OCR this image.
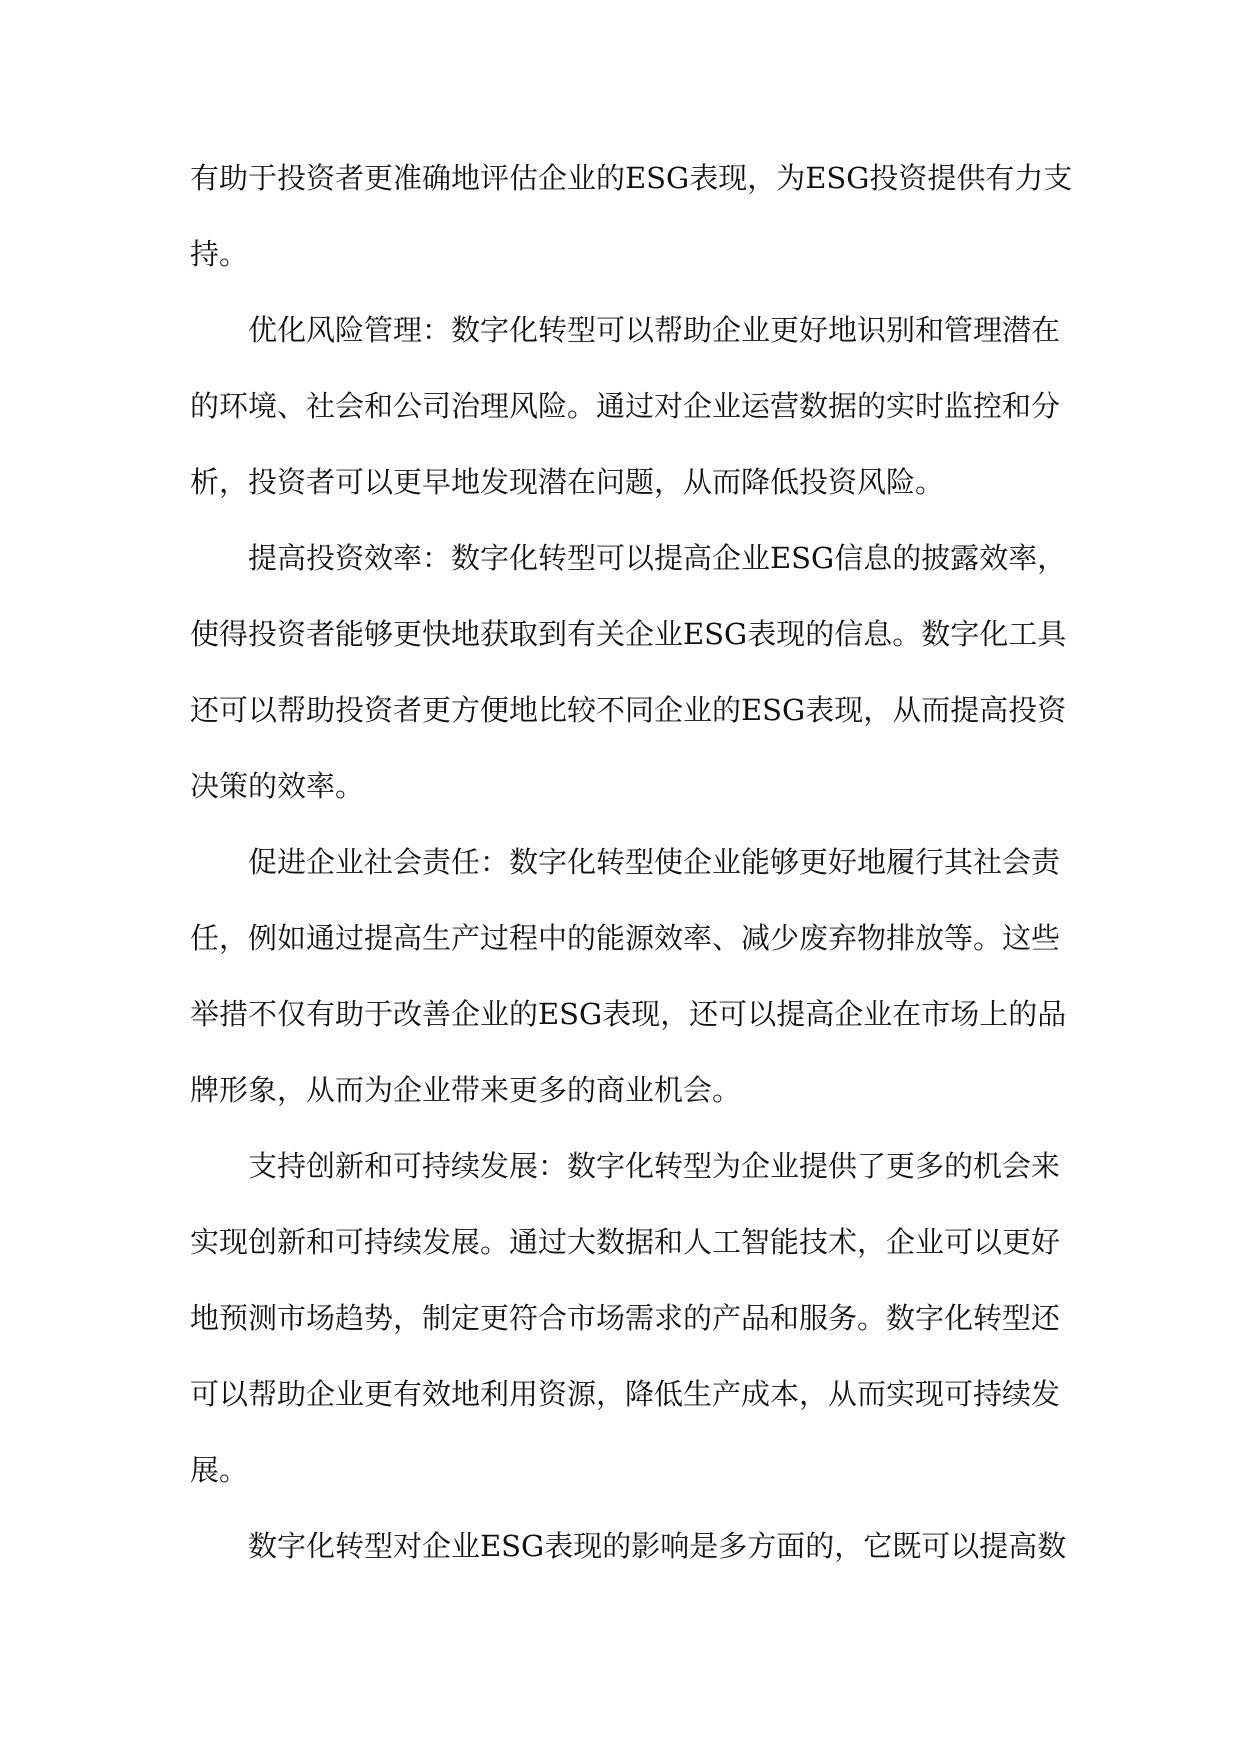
有助于投资者更准确地评估企业的ESG表现，为ESG投资提供有力支
持。
优化风险管理：数字化转型可以帮助企业更好地识别和管理潜在
的环境、社会和公司治理风险。通过对企业运营数据的实时监控和分
析，投资者可以更早地发现潜在问题，从而降低投资风险。
提高投资效率：数字化转型可以提高企业ESG信息的披露效率，
使得投资者能够更快地获取到有关企业ESG表现的信息。数字化工具
还可以帮助投资者更方便地比较不同企业的ESG表现，从而提高投资
决策的效率。
促进企业社会责任：数字化转型使企业能够更好地履行其社会责
任，例如通过提高生产过程中的能源效率、减少废弃物排放等。这些
举措不仅有助于改善企业的ESG表现，还可以提高企业在市场上的品
牌形象，从而为企业带来更多的商业机会。
支持创新和可持续发展：数字化转型为企业提供了更多的机会来
实现创新和可持续发展。通过大数据和人工智能技术，企业可以更好
地预测市场趋势，制定更符合市场需求的产品和服务。数字化转型还
可以帮助企业更有效地利用资源，降低生产成本，从而实现可持续发
展。
数字化转型对企业ESG表现的影响是多方面的，它既可以提高数
